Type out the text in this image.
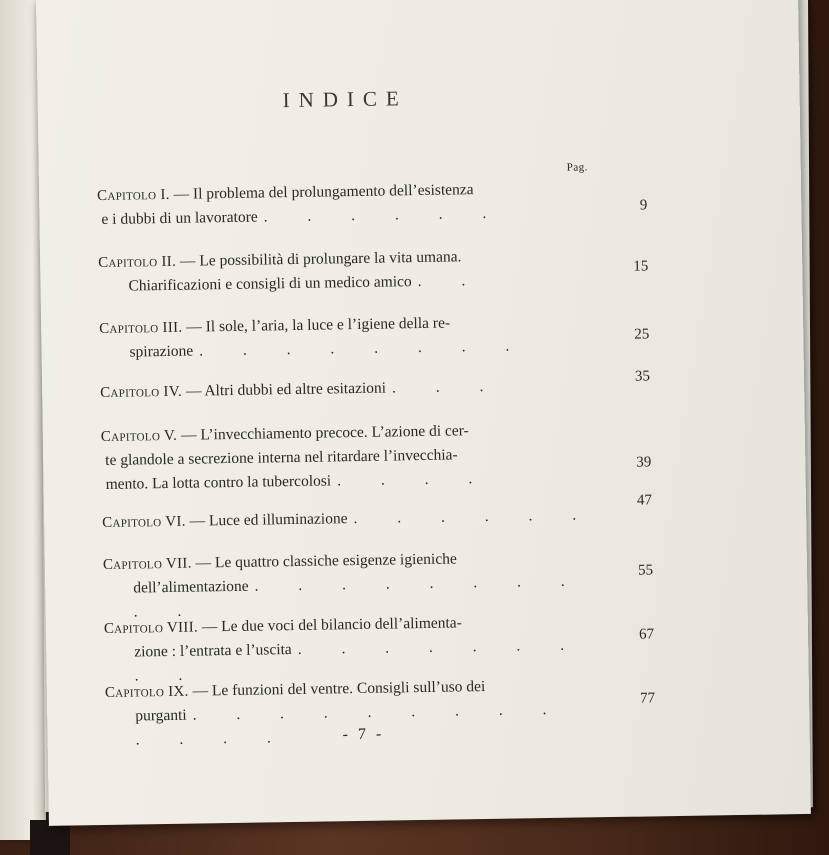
INDICE
Pag.
Capitolo I. — Il problema del prolungamento dell’esistenza
e i dubbi di un lavoratore . . . . . .	9
Capitolo II. — Le possibilità di prolungare la vita umana.
Chiarificazioni e consigli di un medico amico . .
15
Capitolo III. — Il sole, l’aria, la luce e l’igiene della re-
spirazione . . . . . . . .
25
Capitolo IV. — Altri dubbi ed altre esitazioni . . .
35
Capitolo V. — L’invecchiamento precoce. L’azione di cer-
te glandole a secrezione interna nel ritardare l’invecchia-
mento. La lotta contro la tubercolosi . . . .
39
Capitolo VI. — Luce ed illuminazione . . . . . .
47
Capitolo VII. — Le quattro classiche esigenze igieniche
dell’alimentazione . . . . . . . . . .
55
Capitolo VIII. — Le due voci del bilancio dell’alimenta-
zione : l’entrata e l’uscita . . . . . . . . .
67
Capitolo IX. — Le funzioni del ventre. Consigli sull’uso dei
purganti . . . . . . . . . . . . .
77
- 7 -
